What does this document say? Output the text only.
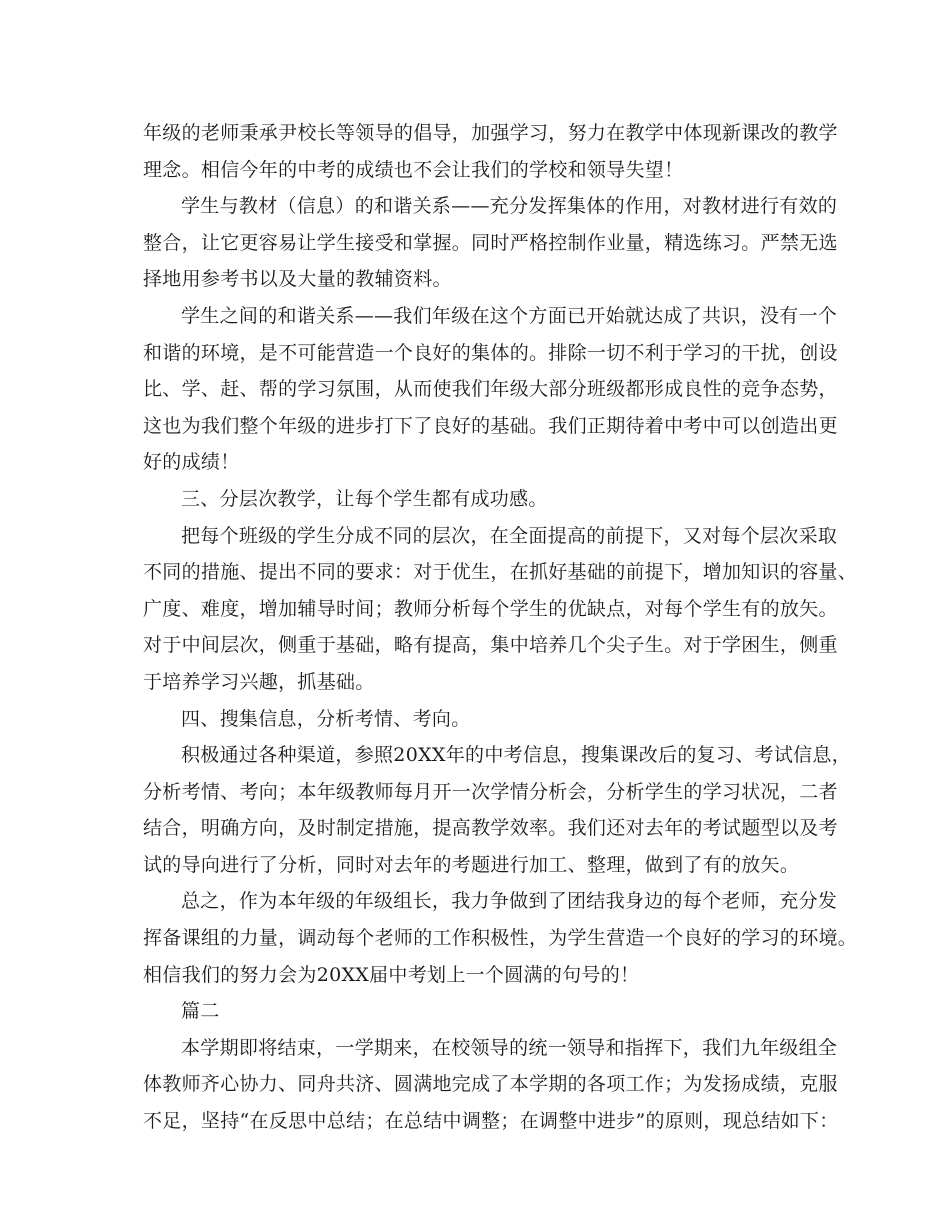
年级的老师秉承尹校长等领导的倡导，加强学习，努力在教学中体现新课改的教学
理念。相信今年的中考的成绩也不会让我们的学校和领导失望！
学生与教材（信息）的和谐关系——充分发挥集体的作用，对教材进行有效的
整合，让它更容易让学生接受和掌握。同时严格控制作业量，精选练习。严禁无选
择地用参考书以及大量的教辅资料。
学生之间的和谐关系——我们年级在这个方面已开始就达成了共识，没有一个
和谐的环境，是不可能营造一个良好的集体的。排除一切不利于学习的干扰，创设
比、学、赶、帮的学习氛围，从而使我们年级大部分班级都形成良性的竞争态势，
这也为我们整个年级的进步打下了良好的基础。我们正期待着中考中可以创造出更
好的成绩！
三、分层次教学，让每个学生都有成功感。
把每个班级的学生分成不同的层次，在全面提高的前提下，又对每个层次采取
不同的措施、提出不同的要求：对于优生，在抓好基础的前提下，增加知识的容量、
广度、难度，增加辅导时间；教师分析每个学生的优缺点，对每个学生有的放矢。
对于中间层次，侧重于基础，略有提高，集中培养几个尖子生。对于学困生，侧重
于培养学习兴趣，抓基础。
四、搜集信息，分析考情、考向。
积极通过各种渠道，参照20XX年的中考信息，搜集课改后的复习、考试信息，
分析考情、考向；本年级教师每月开一次学情分析会，分析学生的学习状况，二者
结合，明确方向，及时制定措施，提高教学效率。我们还对去年的考试题型以及考
试的导向进行了分析，同时对去年的考题进行加工、整理，做到了有的放矢。
总之，作为本年级的年级组长，我力争做到了团结我身边的每个老师，充分发
挥备课组的力量，调动每个老师的工作积极性，为学生营造一个良好的学习的环境。
相信我们的努力会为20XX届中考划上一个圆满的句号的！
篇二
本学期即将结束，一学期来，在校领导的统一领导和指挥下，我们九年级组全
体教师齐心协力、同舟共济、圆满地完成了本学期的各项工作；为发扬成绩，克服
不足，坚持“在反思中总结；在总结中调整；在调整中进步”的原则，现总结如下：
